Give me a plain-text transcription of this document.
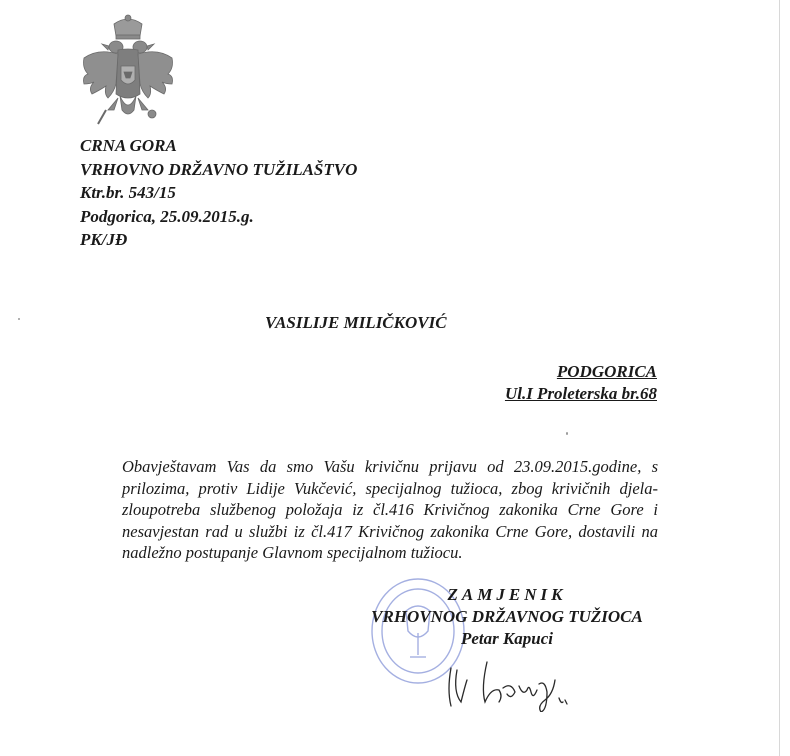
CRNA GORA
VRHOVNO DRŽAVNO TUŽILAŠTVO
Ktr.br. 543/15
Podgorica, 25.09.2015.g.
PK/JĐ
VASILIJE MILIČKOVIĆ
PODGORICA
Ul.I Proleterska br.68
Obavještavam Vas da smo Vašu krivičnu prijavu od 23.09.2015.godine, s prilozima, protiv Lidije Vukčević, specijalnog tužioca, zbog krivičnih djela-zloupotreba službenog položaja iz čl.416 Krivičnog zakonika Crne Gore i nesavjestan rad u službi iz čl.417 Krivičnog zakonika Crne Gore, dostavili na nadležno postupanje Glavnom specijalnom tužiocu.
ZAMJENIK
VRHOVNOG DRŽAVNOG TUŽIOCA
Petar Kapuci
